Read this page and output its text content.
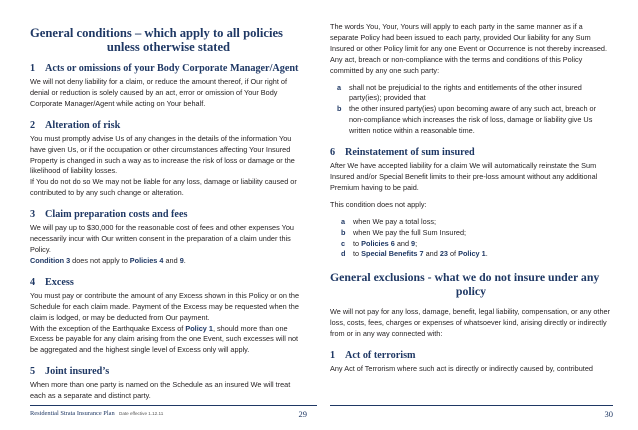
General conditions – which apply to all policies
unless otherwise stated
1 Acts or omissions of your Body Corporate Manager/Agent

We will not deny liability for a claim, or reduce the amount thereof, if Our right of denial or reduction is solely caused by an act, error or omission of Your Body Corporate Manager/Agent while acting on Your behalf.

2 Alteration of risk

You must promptly advise Us of any changes in the details of the information You have given Us, or if the occupation or other circumstances affecting Your Insured Property is changed in such a way as to increase the risk of loss or damage or the likelihood of liability losses.

If You do not do so We may not be liable for any loss, damage or liability caused or contributed to by any such change or alteration.

3 Claim preparation costs and fees

We will pay up to $30,000 for the reasonable cost of fees and other expenses You necessarily incur with Our written consent in the preparation of a claim under this Policy.

Condition 3 does not apply to Policies 4 and 9.

4 Excess

You must pay or contribute the amount of any Excess shown in this Policy or on the Schedule for each claim made. Payment of the Excess may be requested when the claim is lodged, or may be deducted from Our payment.

With the exception of the Earthquake Excess of Policy 1, should more than one Excess be payable for any claim arising from the one Event, such excesses will not be aggregated and the highest single level of Excess only will apply.

5 Joint insured’s

When more than one party is named on the Schedule as an insured We will treat each as a separate and distinct party.

The words You, Your, Yours will apply to each party in the same manner as if a separate Policy had been issued to each party, provided Our liability for any Sum Insured or other Policy limit for any one Event or Occurrence is not thereby increased. Any act, breach or non-compliance with the terms and conditions of this Policy committed by any one such party:

a	shall not be prejudicial to the rights and entitlements of the other insured party(ies); provided that
b	the other insured party(ies) upon becoming aware of any such act, breach or non-compliance which increases the risk of loss, damage or liability give Us written notice within a reasonable time.
6 Reinstatement of sum insured

After We have accepted liability for a claim We will automatically reinstate the Sum Insured and/or Special Benefit limits to their pre-loss amount without any additional Premium having to be paid.

This condition does not apply:

a	when We pay a total loss;
b	when We pay the full Sum Insured;
c	to Policies 6 and 9;
d	to Special Benefits 7 and 23 of Policy 1.
General exclusions - what we do not insure under any
policy

We will not pay for any loss, damage, benefit, legal liability, compensation, or any other loss, costs, fees, charges or expenses of whatsoever kind, arising directly or indirectly from or in any way connected with:

1 Act of terrorism

Any Act of Terrorism where such act is directly or indirectly caused by, contributed

Residential Strata Insurance Plan Date effective 1.12.11	29	30
